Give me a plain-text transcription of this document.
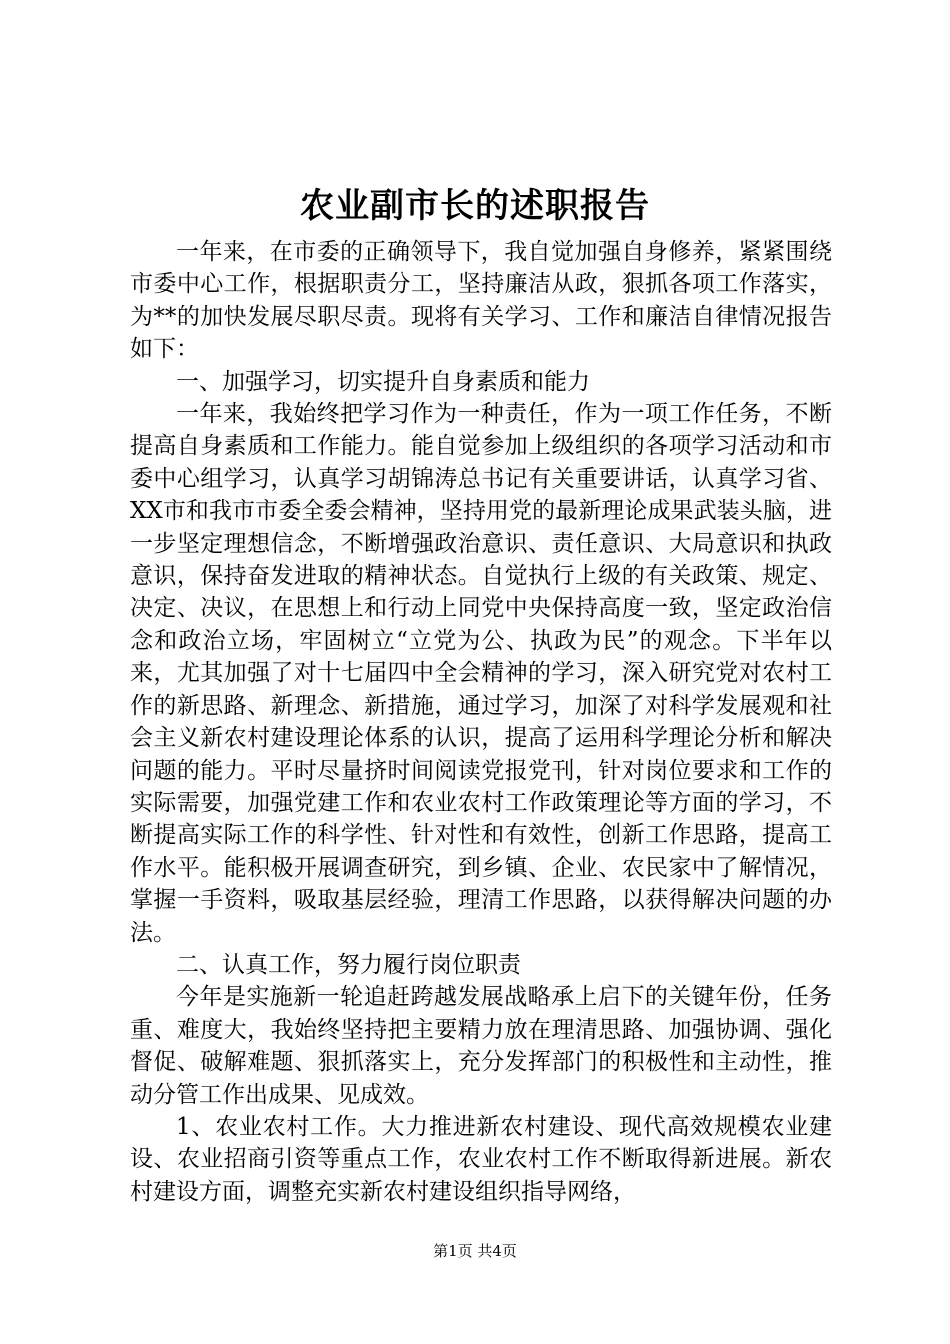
农业副市长的述职报告

一年来，在市委的正确领导下，我自觉加强自身修养，紧紧围绕市委中心工作，根据职责分工，坚持廉洁从政，狠抓各项工作落实，为**的加快发展尽职尽责。现将有关学习、工作和廉洁自律情况报告如下：

一、加强学习，切实提升自身素质和能力

一年来，我始终把学习作为一种责任，作为一项工作任务，不断提高自身素质和工作能力。能自觉参加上级组织的各项学习活动和市委中心组学习，认真学习胡锦涛总书记有关重要讲话，认真学习省、XX市和我市市委全委会精神，坚持用党的最新理论成果武装头脑，进一步坚定理想信念，不断增强政治意识、责任意识、大局意识和执政意识，保持奋发进取的精神状态。自觉执行上级的有关政策、规定、决定、决议，在思想上和行动上同党中央保持高度一致，坚定政治信念和政治立场，牢固树立“立党为公、执政为民”的观念。下半年以来，尤其加强了对十七届四中全会精神的学习，深入研究党对农村工作的新思路、新理念、新措施，通过学习，加深了对科学发展观和社会主义新农村建设理论体系的认识，提高了运用科学理论分析和解决问题的能力。平时尽量挤时间阅读党报党刊，针对岗位要求和工作的实际需要，加强党建工作和农业农村工作政策理论等方面的学习，不断提高实际工作的科学性、针对性和有效性，创新工作思路，提高工作水平。能积极开展调查研究，到乡镇、企业、农民家中了解情况，掌握一手资料，吸取基层经验，理清工作思路，以获得解决问题的办法。

二、认真工作，努力履行岗位职责

今年是实施新一轮追赶跨越发展战略承上启下的关键年份，任务重、难度大，我始终坚持把主要精力放在理清思路、加强协调、强化督促、破解难题、狠抓落实上，充分发挥部门的积极性和主动性，推动分管工作出成果、见成效。

1、农业农村工作。大力推进新农村建设、现代高效规模农业建设、农业招商引资等重点工作，农业农村工作不断取得新进展。新农村建设方面，调整充实新农村建设组织指导网络，

第1页 共4页
